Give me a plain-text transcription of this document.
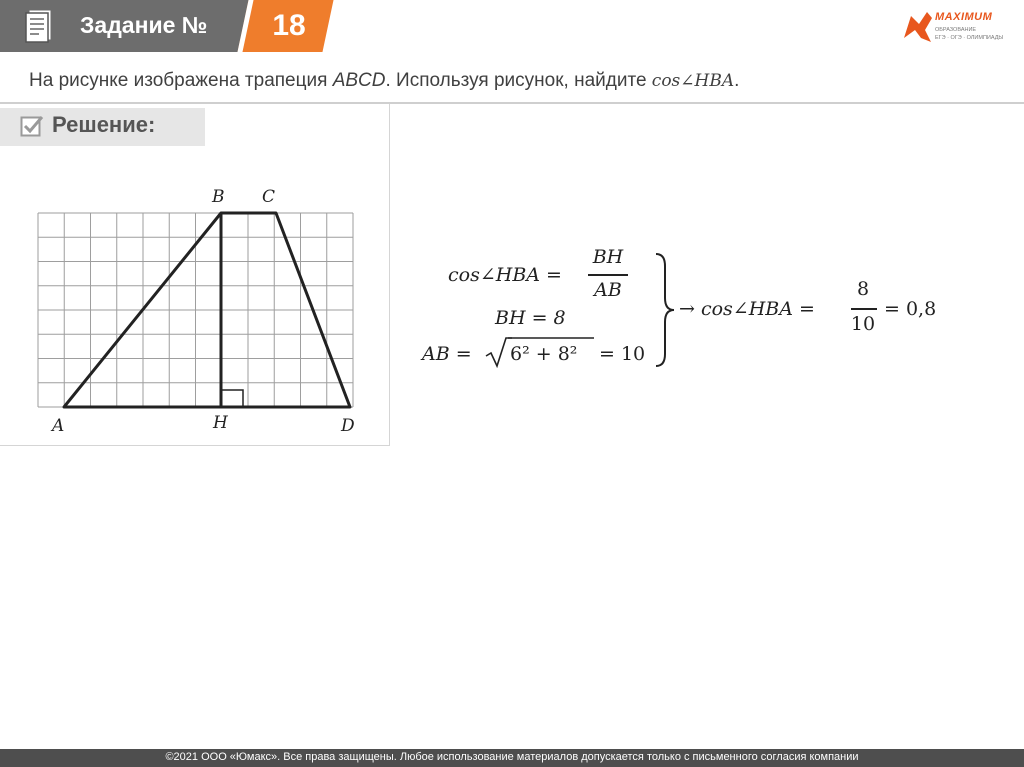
Задание № 18	MAXIMUM
ОБРАЗОВАНИЕ
ЕГЭ · ОГЭ · ОЛИМПИАДЫ
На рисунке изображена трапеция ABCD. Используя рисунок, найдите cos∠HBA.
Решение:
B C
A	H	D
cos∠HBA =
BH
AB
BH = 8
AB = 6² + 8² = 10
→ cos∠HBA =
8
10
= 0,8
©2021 ООО «Юмакс». Все права защищены. Любое использование материалов допускается только с письменного согласия компании
